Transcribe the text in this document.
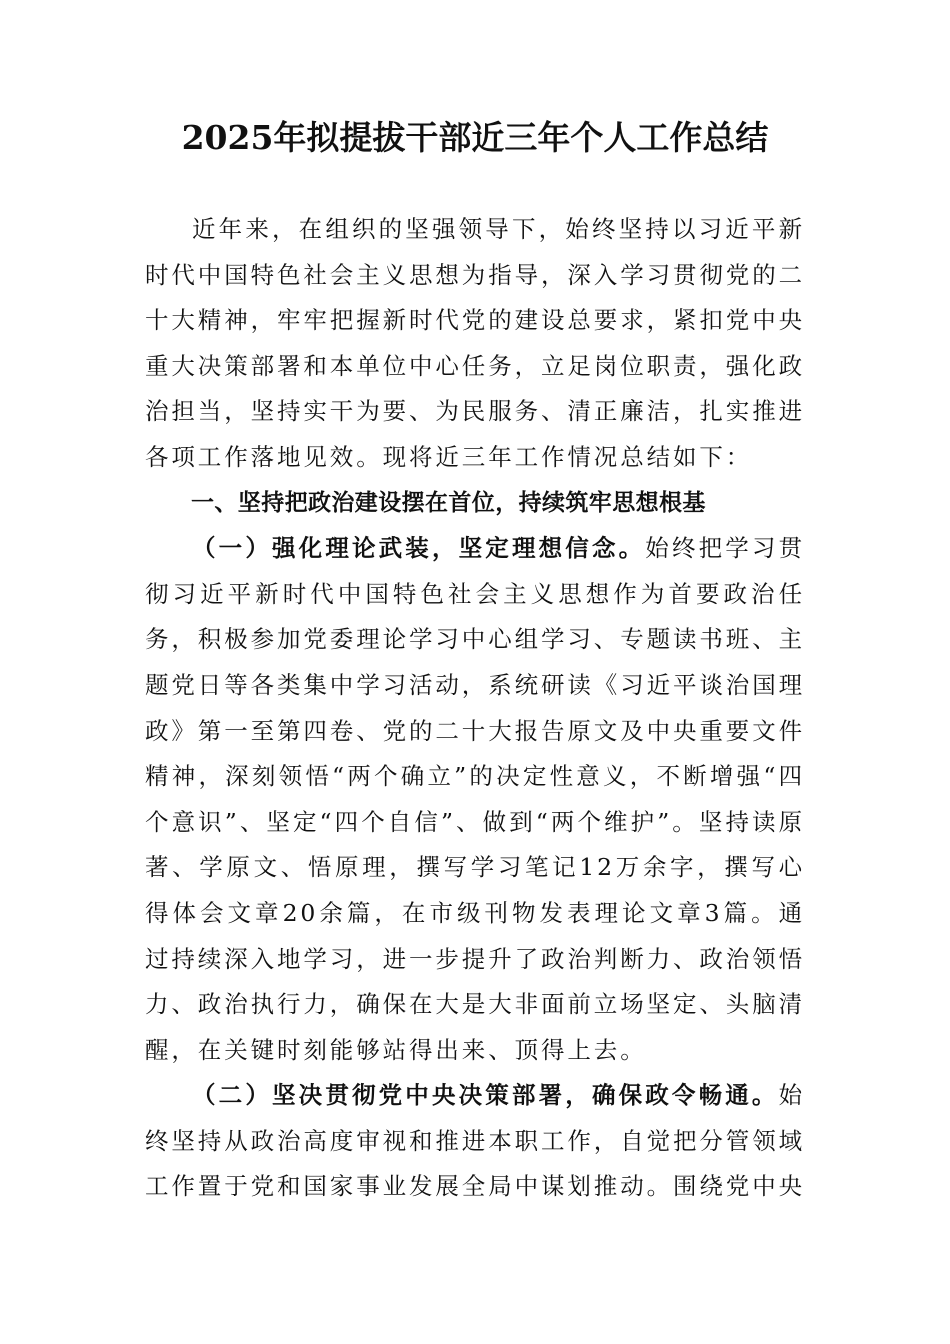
2025年拟提拔干部近三年个人工作总结

近年来，在组织的坚强领导下，始终坚持以习近平新时代中国特色社会主义思想为指导，深入学习贯彻党的二十大精神，牢牢把握新时代党的建设总要求，紧扣党中央重大决策部署和本单位中心任务，立足岗位职责，强化政治担当，坚持实干为要、为民服务、清正廉洁，扎实推进各项工作落地见效。现将近三年工作情况总结如下：

一、坚持把政治建设摆在首位，持续筑牢思想根基

（一）强化理论武装，坚定理想信念。始终把学习贯彻习近平新时代中国特色社会主义思想作为首要政治任务，积极参加党委理论学习中心组学习、专题读书班、主题党日等各类集中学习活动，系统研读《习近平谈治国理政》第一至第四卷、党的二十大报告原文及中央重要文件精神，深刻领悟“两个确立”的决定性意义，不断增强“四个意识”、坚定“四个自信”、做到“两个维护”。坚持读原著、学原文、悟原理，撰写学习笔记12万余字，撰写心得体会文章20余篇，在市级刊物发表理论文章3篇。通过持续深入地学习，进一步提升了政治判断力、政治领悟力、政治执行力，确保在大是大非面前立场坚定、头脑清醒，在关键时刻能够站得出来、顶得上去。

（二）坚决贯彻党中央决策部署，确保政令畅通。始终坚持从政治高度审视和推进本职工作，自觉把分管领域工作置于党和国家事业发展全局中谋划推动。围绕党中央
